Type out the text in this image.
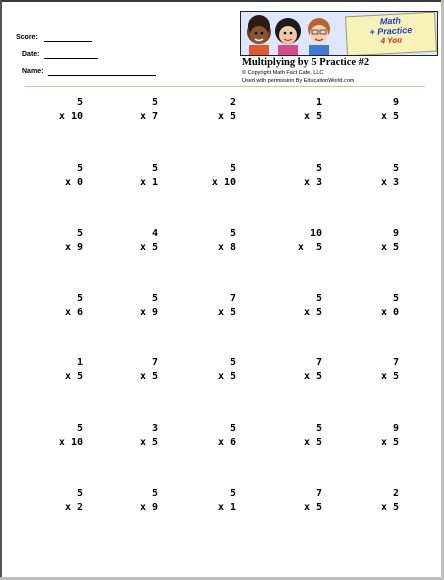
Score:
Date:
Name:
Math
+ Practice
4 You
Multiplying by 5 Practice #2
© Copyright Math Fact Cafe, LLC
Used with permission By EducationWorld.com
5
x 10
5
x 7
2
x 5
1
x 5
9
x 5
5
x 0
5
x 1
5
x 10
5
x 3
5
x 3
5
x 9
4
x 5
5
x 8
10
x  5
9
x 5
5
x 6
5
x 9
7
x 5
5
x 5
5
x 0
1
x 5
7
x 5
5
x 5
7
x 5
7
x 5
5
x 10
3
x 5
5
x 6
5
x 5
9
x 5
5
x 2
5
x 9
5
x 1
7
x 5
2
x 5
